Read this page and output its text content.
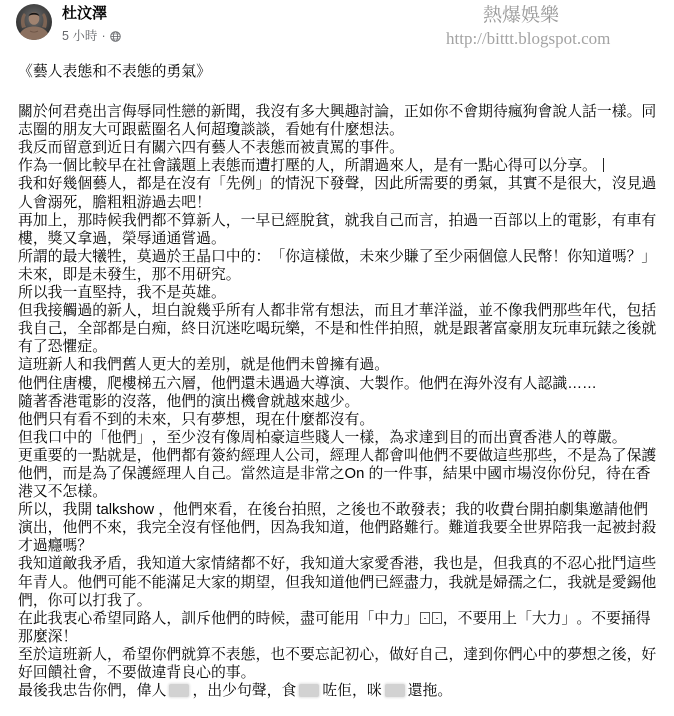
杜汶澤
5 小時 ·
熱爆娛樂
http://bittt.blogspot.com

《藝人表態和不表態的勇氣》

關於何君堯出言侮辱同性戀的新聞，我沒有多大興趣討論，正如你不會期待瘋狗會說人話一樣。同志圈的朋友大可跟藍圈名人何超瓊談談，看她有什麼想法。

我反而留意到近日有關六四有藝人不表態而被責罵的事件。

作為一個比較早在社會議題上表態而遭打壓的人，所謂過來人，是有一點心得可以分享。

我和好幾個藝人，都是在沒有「先例」的情況下發聲，因此所需要的勇氣，其實不是很大，沒見過人會溺死，膽粗粗游過去吧！

再加上，那時候我們都不算新人，一早已經脫貧，就我自己而言，拍過一百部以上的電影，有車有樓，獎又拿過，榮辱通通嘗過。

所謂的最大犧牲，莫過於王晶口中的：「你這樣做，未來少賺了至少兩個億人民幣！你知道嗎？」

未來，即是未發生，那不用研究。

所以我一直堅持，我不是英雄。

但我接觸過的新人，坦白說幾乎所有人都非常有想法，而且才華洋溢，並不像我們那些年代，包括我自己，全部都是白痴，終日沉迷吃喝玩樂，不是和性伴拍照，就是跟著富豪朋友玩車玩錶之後就有了恐懼症。

這班新人和我們舊人更大的差別，就是他們未曾擁有過。

他們住唐樓，爬樓梯五六層，他們還未遇過大導演、大製作。他們在海外沒有人認識……

隨著香港電影的沒落，他們的演出機會就越來越少。

他們只有看不到的未來，只有夢想，現在什麼都沒有。

但我口中的「他們」，至少沒有像周柏豪這些賤人一樣，為求達到目的而出賣香港人的尊嚴。

更重要的一點就是，他們都有簽約經理人公司，經理人都會叫他們不要做這些那些，不是為了保護他們，而是為了保護經理人自己。當然這是非常之On 的一件事，結果中國市場沒你份兒，待在香港又不怎樣。

所以，我開 talkshow ，他們來看，在後台拍照，之後也不敢發表；我的收費台開拍劇集邀請他們演出，他們不來，我完全沒有怪他們，因為我知道，他們路難行。難道我要全世界陪我一起被封殺才過癮嗎？

我知道敵我矛盾，我知道大家情緒都不好，我知道大家愛香港，我也是，但我真的不忍心批鬥這些年青人。他們可能不能滿足大家的期望，但我知道他們已經盡力，我就是婦孺之仁，我就是愛錫他們，你可以打我了。

在此我衷心希望同路人，訓斥他們的時候，盡可能用「中力」 ，不要用上「大力」。不要捅得那麼深！

至於這班新人，希望你們就算不表態，也不要忘記初心，做好自己，達到你們心中的夢想之後，好好回饋社會，不要做違背良心的事。

最後我忠告你們，偉人 ，出少句聲，食 咗佢，咪 還拖。
